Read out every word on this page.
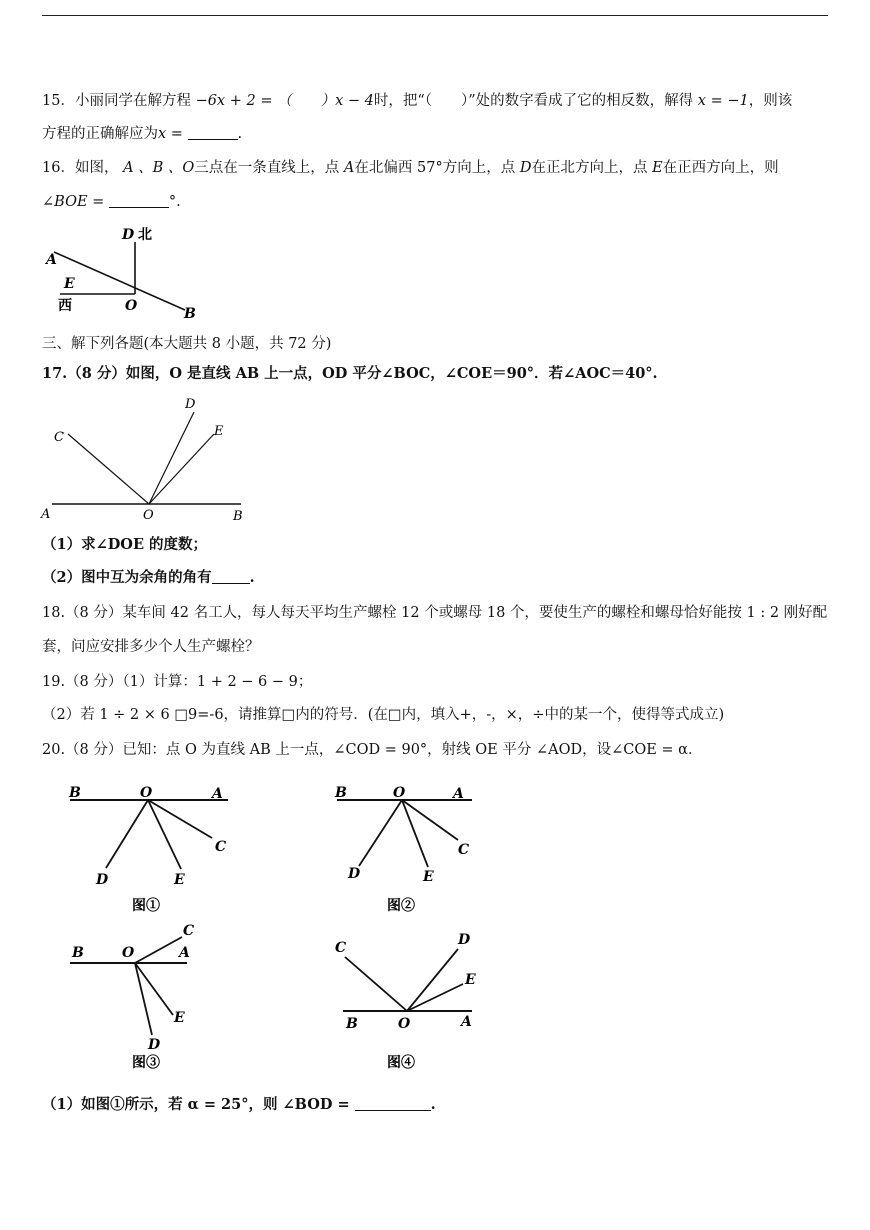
15．小丽同学在解方程 −6x + 2 = （　　）x − 4时，把“（　　）”处的数字看成了它的相反数，解得 x = −1，则该
方程的正确解应为x =	.
16．如图， A 、B 、O三点在一条直线上，点 A在北偏西 57°方向上，点 D在正北方向上，点 E在正西方向上，则
∠BOE =	°.
D 北
A
E
西	O	B
三、解下列各题(本大题共 8 小题，共 72 分)
17.（8 分）如图，O 是直线 AB 上一点，OD 平分∠BOC，∠COE＝90°．若∠AOC＝40°.
A	O	B
C
D
E
（1）求∠DOE 的度数；
（2）图中互为余角的角有	.
18.（8 分）某车间 42 名工人，每人每天平均生产螺栓 12 个或螺母 18 个，要使生产的螺栓和螺母恰好能按 1 : 2 刚好配
套，问应安排多少个人生产螺栓？
19.（8 分）（1）计算：1 + 2 − 6 − 9；
（2）若 1 ÷ 2 × 6 □9=-6，请推算□内的符号．(在□内，填入+，-，×，÷中的某一个，使得等式成立)
20.（8 分）已知：点 O 为直线 AB 上一点，∠COD = 90°，射线 OE 平分 ∠AOD，设∠COE = α．
B	O	A
C
D	E
图①
B	O	A
C
D	E
图②
B	O	A
C
D
E
图③
B	O	A
C	D
E
图④
（1）如图①所示，若 α = 25°，则 ∠BOD =	.
